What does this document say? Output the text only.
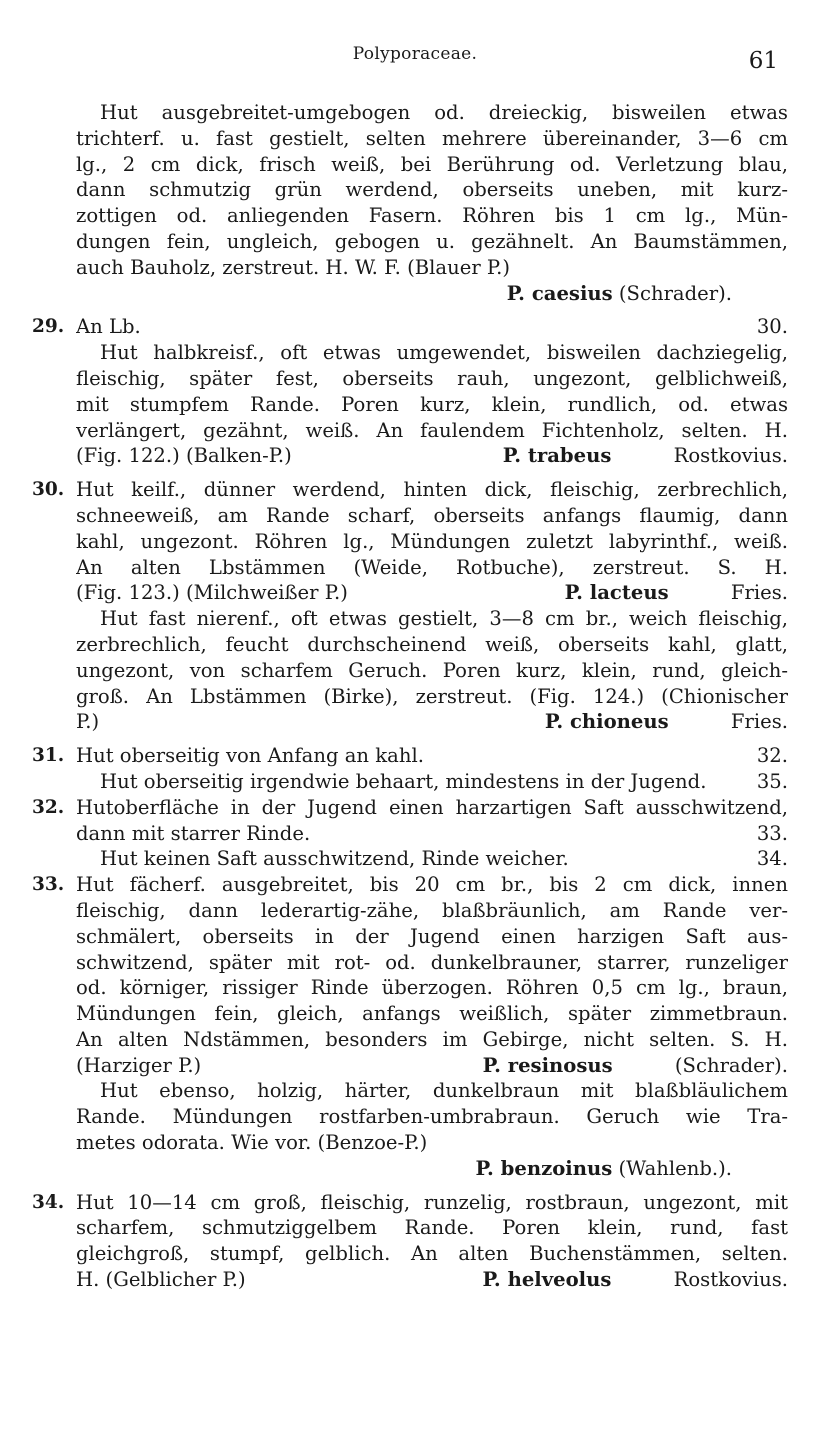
Polyporaceae.	61
Hut ausgebreitet-umgebogen od. dreieckig, bisweilen etwas
trichterf. u. fast gestielt, selten mehrere übereinander, 3—6 cm
lg., 2 cm dick, frisch weiß, bei Berührung od. Verletzung blau,
dann schmutzig grün werdend, oberseits uneben, mit kurz-
zottigen od. anliegenden Fasern. Röhren bis 1 cm lg., Mün-
dungen fein, ungleich, gebogen u. gezähnelt. An Baumstämmen,
auch Bauholz, zerstreut. H. W. F. (Blauer P.)
P. caesius (Schrader).
29. An Lb.	30.
Hut halbkreisf., oft etwas umgewendet, bisweilen dachziegelig,
fleischig, später fest, oberseits rauh, ungezont, gelblichweiß,
mit stumpfem Rande. Poren kurz, klein, rundlich, od. etwas
verlängert, gezähnt, weiß. An faulendem Fichtenholz, selten. H.
(Fig. 122.) (Balken-P.)	P. trabeus	Rostkovius.
30. Hut keilf., dünner werdend, hinten dick, fleischig, zerbrechlich,
schneeweiß, am Rande scharf, oberseits anfangs flaumig, dann
kahl, ungezont. Röhren lg., Mündungen zuletzt labyrinthf., weiß.
An alten Lbstämmen (Weide, Rotbuche), zerstreut. S. H.
(Fig. 123.) (Milchweißer P.)	P. lacteus	Fries.
Hut fast nierenf., oft etwas gestielt, 3—8 cm br., weich fleischig,
zerbrechlich, feucht durchscheinend weiß, oberseits kahl, glatt,
ungezont, von scharfem Geruch. Poren kurz, klein, rund, gleich-
groß. An Lbstämmen (Birke), zerstreut. (Fig. 124.) (Chionischer
P.)	P. chioneus	Fries.
31. Hut oberseitig von Anfang an kahl.	32.
Hut oberseitig irgendwie behaart, mindestens in der Jugend.	35.
32. Hutoberfläche in der Jugend einen harzartigen Saft ausschwitzend,
dann mit starrer Rinde.	33.
Hut keinen Saft ausschwitzend, Rinde weicher.	34.
33. Hut fächerf. ausgebreitet, bis 20 cm br., bis 2 cm dick, innen
fleischig, dann lederartig-zähe, blaßbräunlich, am Rande ver-
schmälert, oberseits in der Jugend einen harzigen Saft aus-
schwitzend, später mit rot- od. dunkelbrauner, starrer, runzeliger
od. körniger, rissiger Rinde überzogen. Röhren 0,5 cm lg., braun,
Mündungen fein, gleich, anfangs weißlich, später zimmetbraun.
An alten Ndstämmen, besonders im Gebirge, nicht selten. S. H.
(Harziger P.)	P. resinosus	(Schrader).
Hut ebenso, holzig, härter, dunkelbraun mit blaßbläulichem
Rande. Mündungen rostfarben-umbrabraun. Geruch wie Tra-
metes odorata. Wie vor. (Benzoe-P.)
P. benzoinus (Wahlenb.).
34. Hut 10—14 cm groß, fleischig, runzelig, rostbraun, ungezont, mit
scharfem, schmutziggelbem Rande. Poren klein, rund, fast
gleichgroß, stumpf, gelblich. An alten Buchenstämmen, selten.
H. (Gelblicher P.)	P. helveolus	Rostkovius.
